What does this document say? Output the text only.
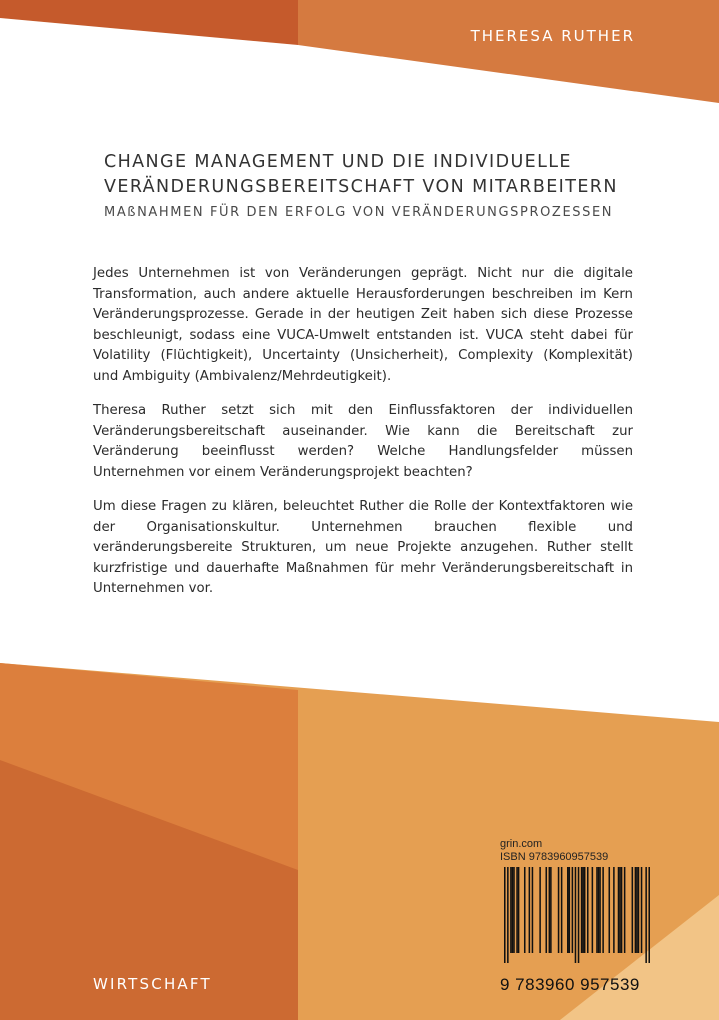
THERESA RUTHER
CHANGE MANAGEMENT UND DIE INDIVIDUELLE
VERÄNDERUNGSBEREITSCHAFT VON MITARBEITERN
MAßNAHMEN FÜR DEN ERFOLG VON VERÄNDERUNGSPROZESSEN

Jedes Unternehmen ist von Veränderungen geprägt. Nicht nur die digitale Transformation, auch andere aktuelle Herausforderungen beschreiben im Kern Veränderungsprozesse. Gerade in der heutigen Zeit haben sich diese Prozesse beschleunigt, sodass eine VUCA-Umwelt entstanden ist. VUCA steht dabei für Volatility (Flüchtigkeit), Uncertainty (Unsicherheit), Complexity (Komplexität) und Ambiguity (Ambivalenz/Mehrdeutigkeit).

Theresa Ruther setzt sich mit den Einflussfaktoren der individuellen Veränderungsbereitschaft auseinander. Wie kann die Bereitschaft zur Veränderung beeinflusst werden? Welche Handlungsfelder müssen Unternehmen vor einem Veränderungsprojekt beachten?

Um diese Fragen zu klären, beleuchtet Ruther die Rolle der Kontextfaktoren wie der Organisationskultur. Unternehmen brauchen flexible und veränderungsbereite Strukturen, um neue Projekte anzugehen. Ruther stellt kurzfristige und dauerhafte Maßnahmen für mehr Veränderungsbereitschaft in Unternehmen vor.

WIRTSCHAFT
grin.com
ISBN 9783960957539
9 783960 957539
